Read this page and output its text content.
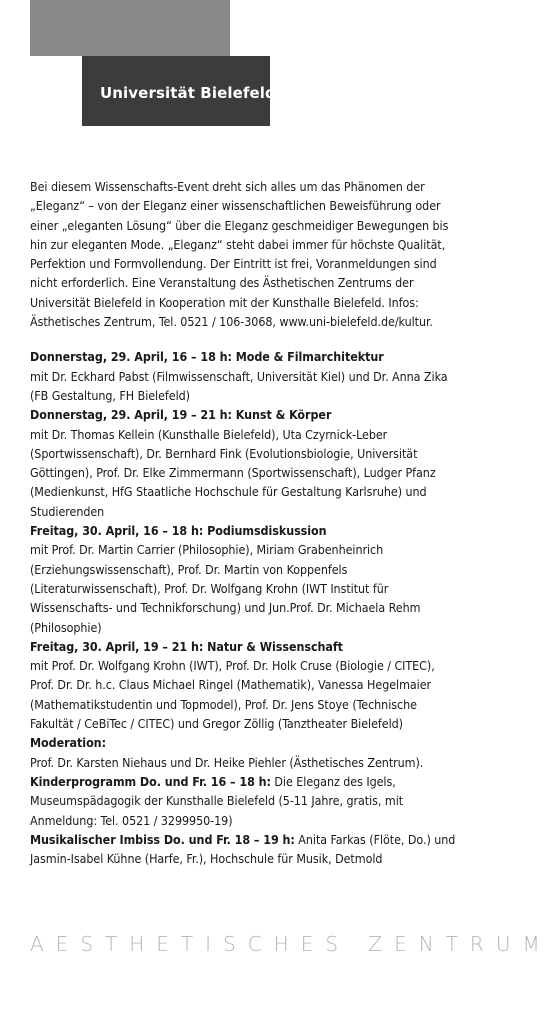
Universität Bielefeld

Bei diesem Wissenschafts-Event dreht sich alles um das Phänomen der „Eleganz“ – von der Eleganz einer wissenschaftlichen Beweisführung oder einer „eleganten Lösung“ über die Eleganz geschmeidiger Bewegungen bis hin zur eleganten Mode. „Eleganz“ steht dabei immer für höchste Qualität, Perfektion und Formvollendung. Der Eintritt ist frei, Voranmeldungen sind nicht erforderlich. Eine Veranstaltung des Ästhetischen Zentrums der Universität Bielefeld in Kooperation mit der Kunsthalle Bielefeld. Infos: Ästhetisches Zentrum, Tel. 0521 / 106-3068, www.uni-bielefeld.de/kultur.

Donnerstag, 29. April, 16 – 18 h: Mode & Filmarchitektur

mit Dr. Eckhard Pabst (Filmwissenschaft, Universität Kiel) und Dr. Anna Zika (FB Gestaltung, FH Bielefeld)

Donnerstag, 29. April, 19 – 21 h: Kunst & Körper

mit Dr. Thomas Kellein (Kunsthalle Bielefeld), Uta Czyrnick-Leber (Sportwissenschaft), Dr. Bernhard Fink (Evolutionsbiologie, Universität Göttingen), Prof. Dr. Elke Zimmermann (Sportwissenschaft), Ludger Pfanz (Medienkunst, HfG Staatliche Hochschule für Gestaltung Karlsruhe) und Studierenden

Freitag, 30. April, 16 – 18 h: Podiumsdiskussion

mit Prof. Dr. Martin Carrier (Philosophie), Miriam Grabenheinrich (Erziehungswissenschaft), Prof. Dr. Martin von Koppenfels (Literaturwissenschaft), Prof. Dr. Wolfgang Krohn (IWT Institut für Wissenschafts- und Technikforschung) und Jun.Prof. Dr. Michaela Rehm (Philosophie)

Freitag, 30. April, 19 – 21 h: Natur & Wissenschaft

mit Prof. Dr. Wolfgang Krohn (IWT), Prof. Dr. Holk Cruse (Biologie / CITEC), Prof. Dr. Dr. h.c. Claus Michael Ringel (Mathematik), Vanessa Hegelmaier (Mathematikstudentin und Topmodel), Prof. Dr. Jens Stoye (Technische Fakultät / CeBiTec / CITEC) und Gregor Zöllig (Tanztheater Bielefeld)

Moderation:

Prof. Dr. Karsten Niehaus und Dr. Heike Piehler (Ästhetisches Zentrum).

Kinderprogramm Do. und Fr. 16 – 18 h: Die Eleganz des Igels, Museumspädagogik der Kunsthalle Bielefeld (5-11 Jahre, gratis, mit Anmeldung: Tel. 0521 / 3299950-19)

Musikalischer Imbiss Do. und Fr. 18 – 19 h: Anita Farkas (Flöte, Do.) und Jasmin-Isabel Kühne (Harfe, Fr.), Hochschule für Musik, Detmold

AESTHETISCHES ZENTRUM
